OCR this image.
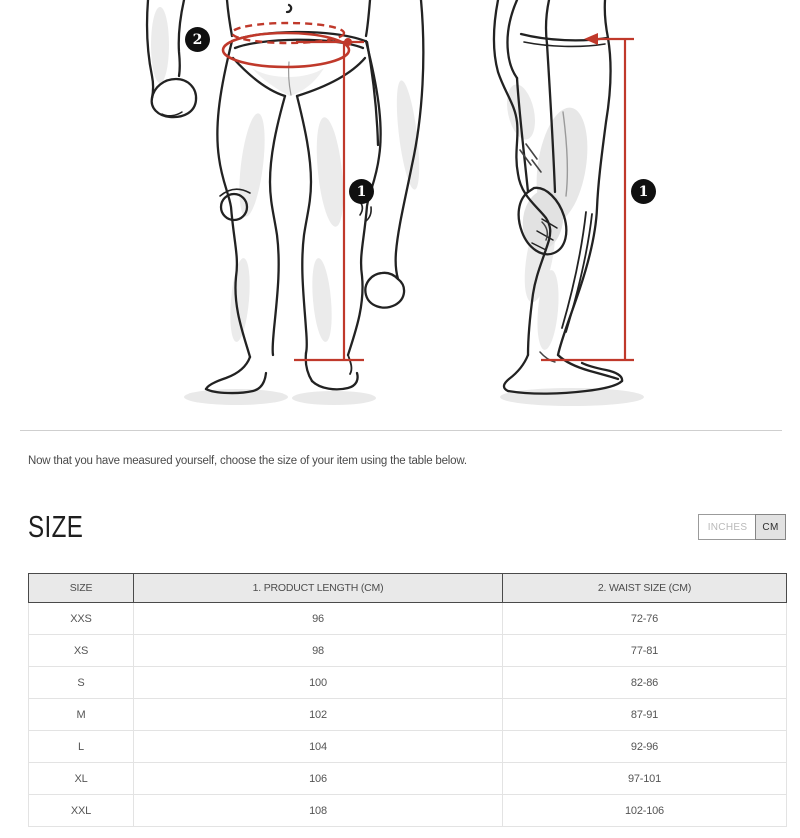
2
1	1

Now that you have measured yourself, choose the size of your item using the table below.

SIZE	INCHES	CM
SIZE	1. PRODUCT LENGTH (CM)	2. WAIST SIZE (CM)
XXS	96	72-76
XS	98	77-81
S	100	82-86
M	102	87-91
L	104	92-96
XL	106	97-101
XXL	108	102-106
